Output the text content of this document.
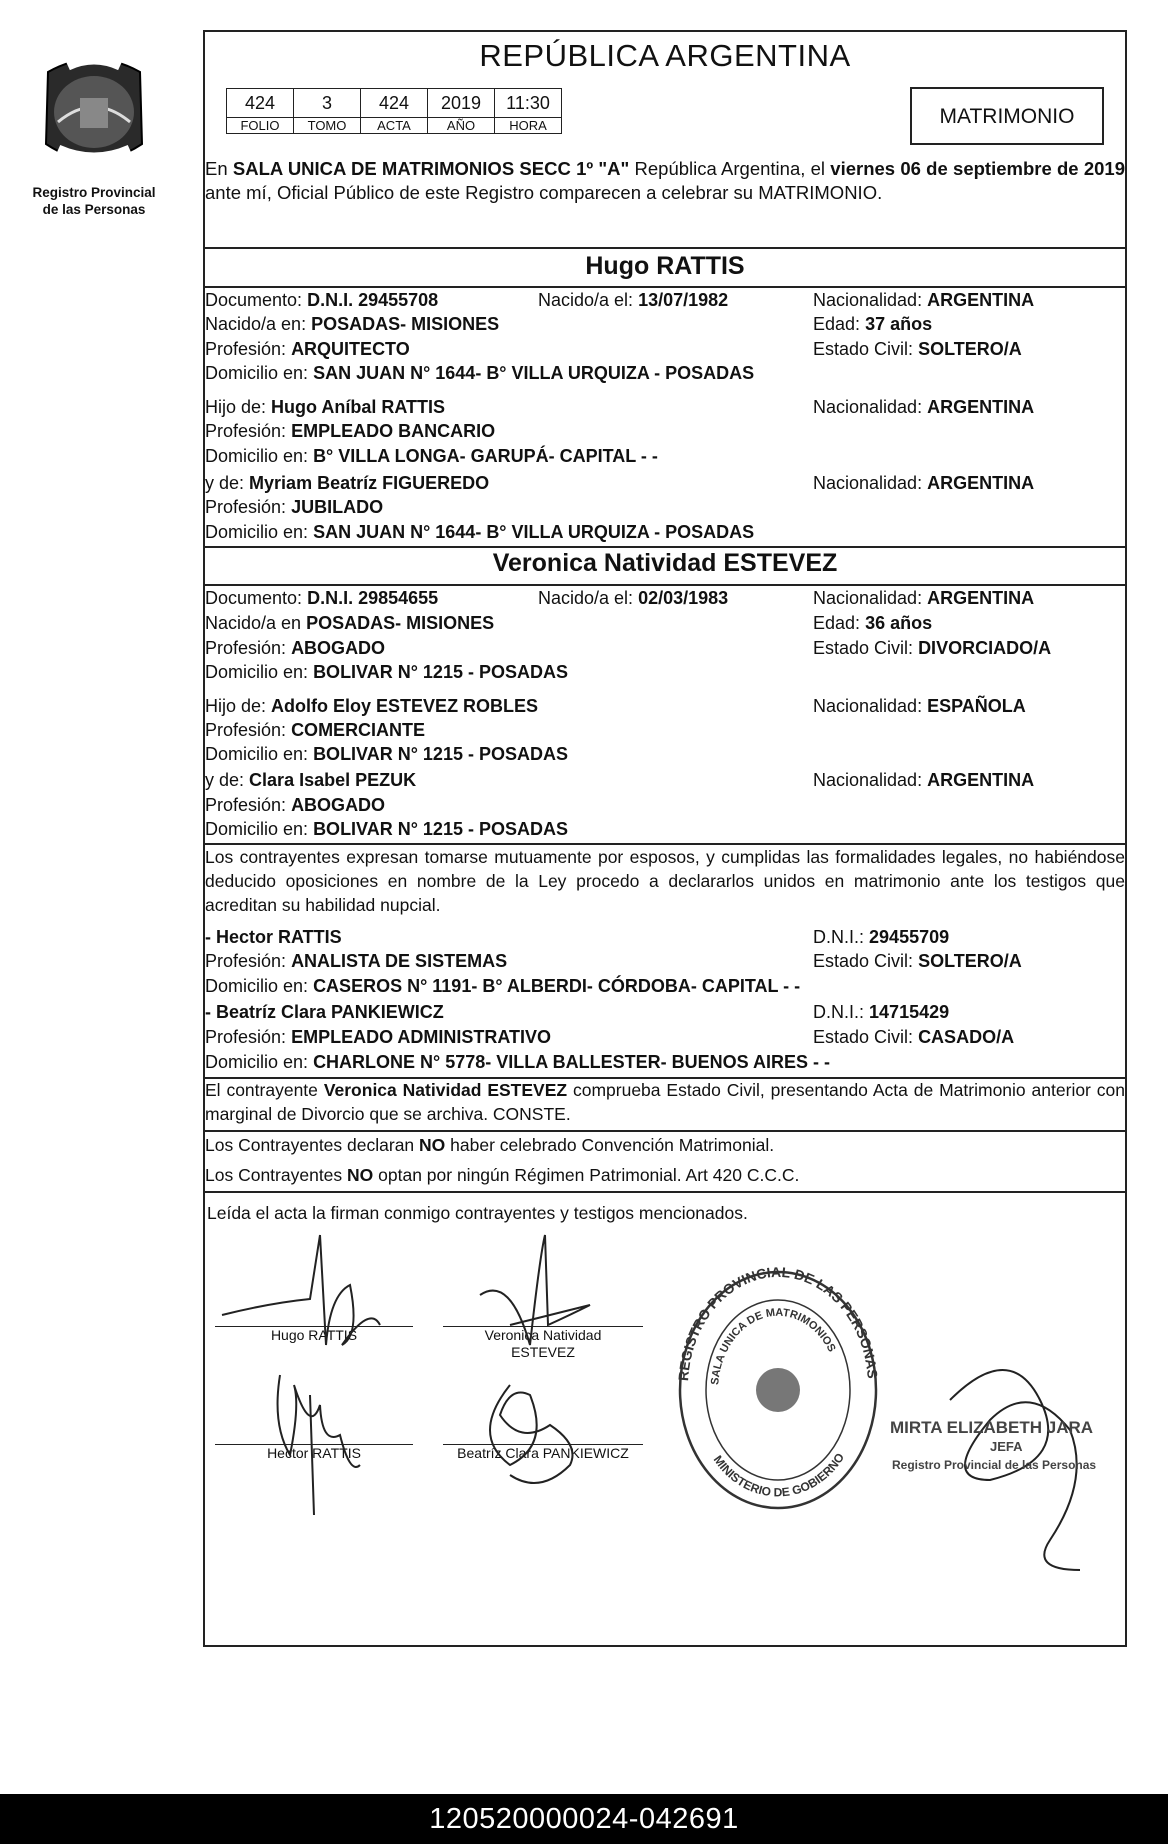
Registro Provincial
de las Personas
REPÚBLICA ARGENTINA
424	3	424	2019	11:30
FOLIO	TOMO	ACTA	AÑO	HORA	MATRIMONIO
En SALA UNICA DE MATRIMONIOS SECC 1º "A" República Argentina, el viernes 06 de septiembre de 2019 ante mí, Oficial Público de este Registro comparecen a celebrar su MATRIMONIO.
Hugo RATTIS
Documento: D.N.I. 29455708	Nacido/a el: 13/07/1982	Nacionalidad: ARGENTINA
Nacido/a en: POSADAS- MISIONES	Edad: 37 años
Profesión: ARQUITECTO	Estado Civil: SOLTERO/A
Domicilio en: SAN JUAN N° 1644- B° VILLA URQUIZA - POSADAS
Hijo de: Hugo Aníbal RATTIS	Nacionalidad: ARGENTINA
Profesión: EMPLEADO BANCARIO
Domicilio en: B° VILLA LONGA- GARUPÁ- CAPITAL - -
y de: Myriam Beatríz FIGUEREDO	Nacionalidad: ARGENTINA
Profesión: JUBILADO
Domicilio en: SAN JUAN N° 1644- B° VILLA URQUIZA - POSADAS
Veronica Natividad ESTEVEZ
Documento: D.N.I. 29854655	Nacido/a el: 02/03/1983	Nacionalidad: ARGENTINA
Nacido/a en POSADAS- MISIONES	Edad: 36 años
Profesión: ABOGADO	Estado Civil: DIVORCIADO/A
Domicilio en: BOLIVAR N° 1215 - POSADAS
Hijo de: Adolfo Eloy ESTEVEZ ROBLES	Nacionalidad: ESPAÑOLA
Profesión: COMERCIANTE
Domicilio en: BOLIVAR N° 1215 - POSADAS
y de: Clara Isabel PEZUK	Nacionalidad: ARGENTINA
Profesión: ABOGADO
Domicilio en: BOLIVAR N° 1215 - POSADAS
Los contrayentes expresan tomarse mutuamente por esposos, y cumplidas las formalidades legales, no habiéndose deducido oposiciones en nombre de la Ley procedo a declararlos unidos en matrimonio ante los testigos que acreditan su habilidad nupcial.
- Hector RATTIS	D.N.I.: 29455709
Profesión: ANALISTA DE SISTEMAS	Estado Civil: SOLTERO/A
Domicilio en: CASEROS N° 1191- B° ALBERDI- CÓRDOBA- CAPITAL - -
- Beatríz Clara PANKIEWICZ	D.N.I.: 14715429
Profesión: EMPLEADO ADMINISTRATIVO	Estado Civil: CASADO/A
Domicilio en: CHARLONE N° 5778- VILLA BALLESTER- BUENOS AIRES - -
El contrayente Veronica Natividad ESTEVEZ comprueba Estado Civil, presentando Acta de Matrimonio anterior con marginal de Divorcio que se archiva. CONSTE.
Los Contrayentes declaran NO haber celebrado Convención Matrimonial.
Los Contrayentes NO optan por ningún Régimen Patrimonial. Art 420 C.C.C.
Leída el acta la firman conmigo contrayentes y testigos mencionados.
Hugo RATTIS	Veronica Natividad
ESTEVEZ
Hector RATTIS	Beatríz Clara PANKIEWICZ
REGISTRO PROVINCIAL DE LAS PERSONAS
SALA UNICA DE MATRIMONIOS
MINISTERIO DE GOBIERNO
MIRTA ELIZABETH JARA
JEFA
Registro Provincial de las Personas
120520000024-042691
